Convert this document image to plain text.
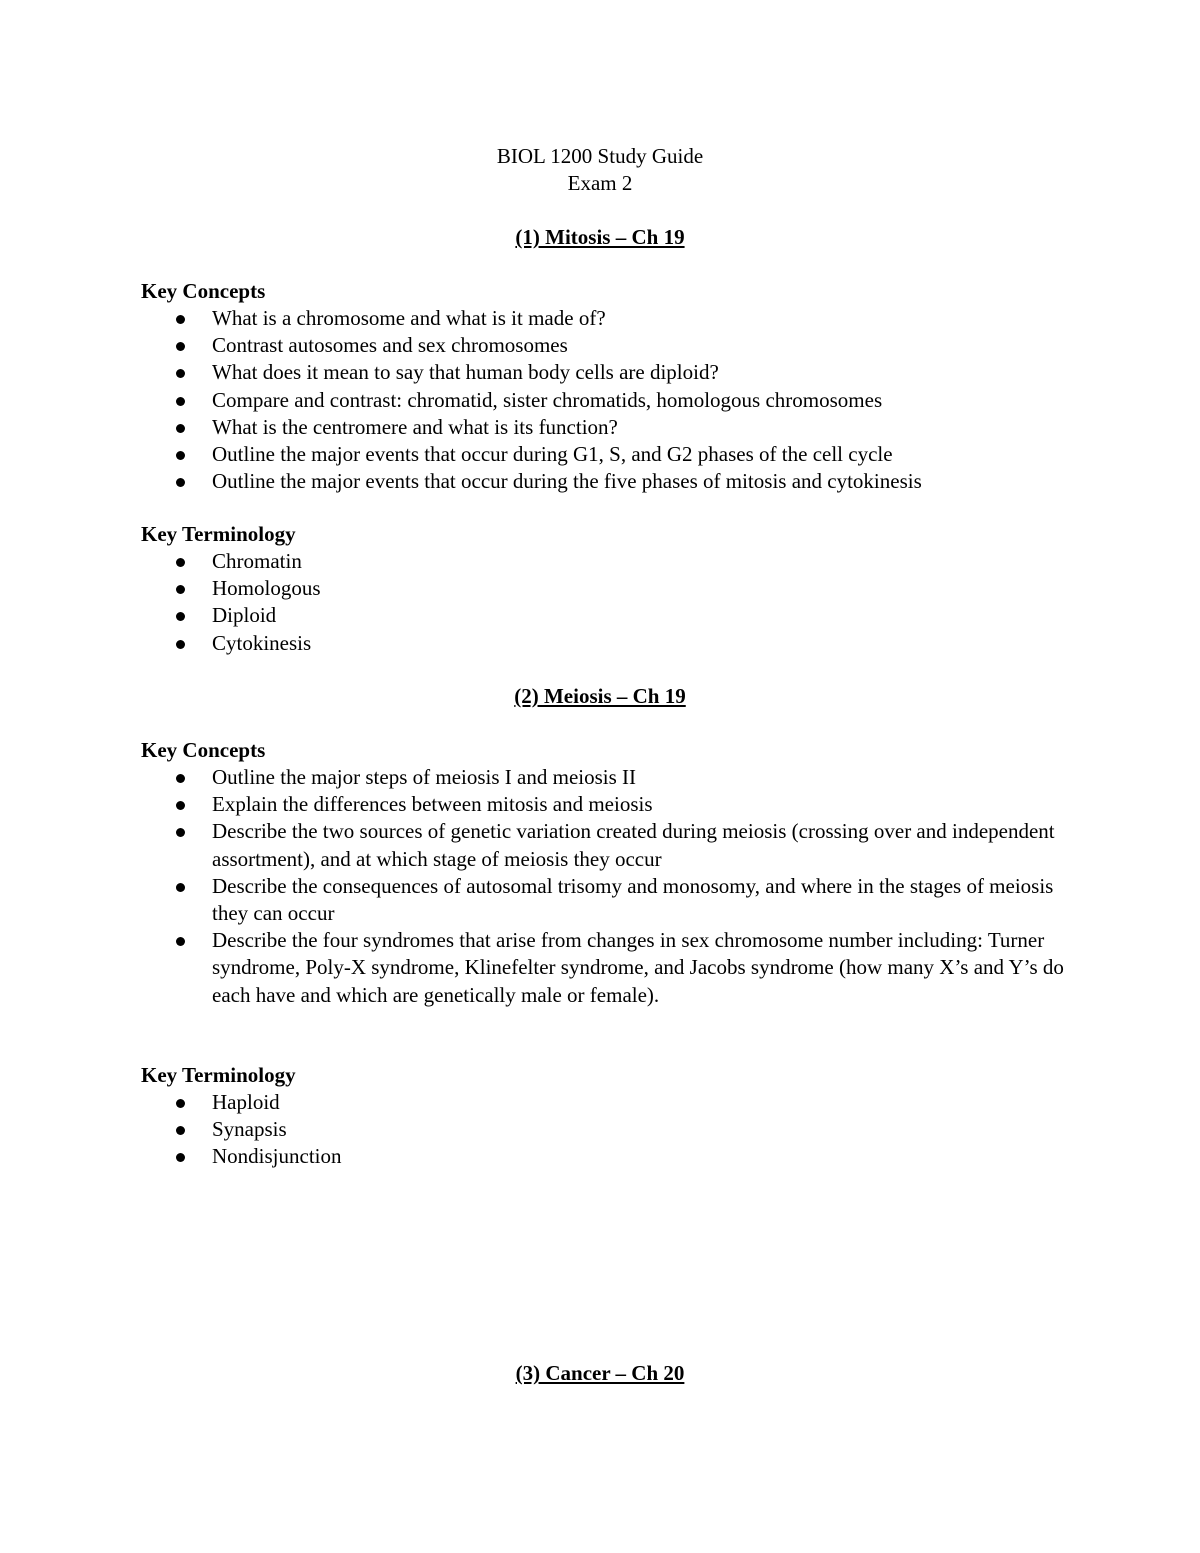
BIOL 1200 Study Guide
Exam 2
(1) Mitosis – Ch 19
Key Concepts
What is a chromosome and what is it made of?
Contrast autosomes and sex chromosomes
What does it mean to say that human body cells are diploid?
Compare and contrast: chromatid, sister chromatids, homologous chromosomes
What is the centromere and what is its function?
Outline the major events that occur during G1, S, and G2 phases of the cell cycle
Outline the major events that occur during the five phases of mitosis and cytokinesis
Key Terminology
Chromatin
Homologous
Diploid
Cytokinesis
(2) Meiosis – Ch 19
Key Concepts
Outline the major steps of meiosis I and meiosis II
Explain the differences between mitosis and meiosis
Describe the two sources of genetic variation created during meiosis (crossing over and independent assortment), and at which stage of meiosis they occur
Describe the consequences of autosomal trisomy and monosomy, and where in the stages of meiosis they can occur
Describe the four syndromes that arise from changes in sex chromosome number including: Turner syndrome, Poly-X syndrome, Klinefelter syndrome, and Jacobs syndrome (how many X’s and Y’s do each have and which are genetically male or female).
Key Terminology
Haploid
Synapsis
Nondisjunction
(3) Cancer – Ch 20
